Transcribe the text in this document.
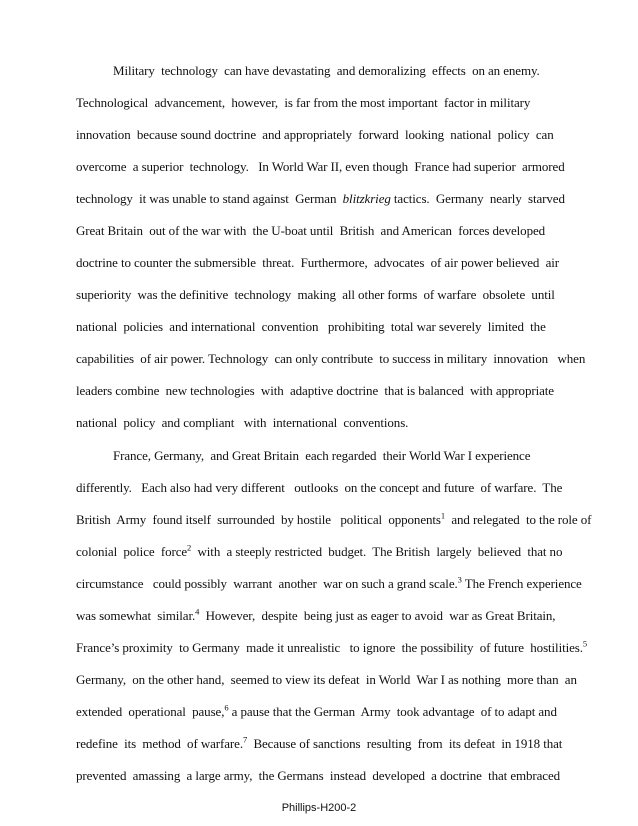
Military  technology  can have devastating  and demoralizing  effects  on an enemy.
Technological  advancement,  however,  is far from the most important  factor in military
innovation  because sound doctrine  and appropriately  forward  looking  national  policy  can
overcome  a superior  technology.   In World War II, even though  France had superior  armored
technology  it was unable to stand against  German  blitzkrieg tactics.  Germany  nearly  starved
Great Britain  out of the war with  the U-boat until  British  and American  forces developed
doctrine to counter the submersible  threat.  Furthermore,  advocates  of air power believed  air
superiority  was the definitive  technology  making  all other forms  of warfare  obsolete  until
national  policies  and international  convention   prohibiting  total war severely  limited  the
capabilities  of air power. Technology  can only contribute  to success in military  innovation   when
leaders combine  new technologies  with  adaptive doctrine  that is balanced  with appropriate
national  policy  and compliant   with  international  conventions.
France, Germany,  and Great Britain  each regarded  their World War I experience
differently.   Each also had very different   outlooks  on the concept and future  of warfare.  The
British  Army  found itself  surrounded  by hostile   political  opponents$^1$  and relegated  to the role of
colonial  police  force$^2$  with  a steeply restricted  budget.  The British  largely  believed  that no
circumstance   could possibly  warrant  another  war on such a grand scale.$^3$ The French experience
was somewhat  similar.$^4$  However,  despite  being just as eager to avoid  war as Great Britain,
France’s proximity  to Germany  made it unrealistic   to ignore  the possibility  of future  hostilities.$^5$
Germany,  on the other hand,  seemed to view its defeat  in World  War I as nothing  more than  an
extended  operational  pause,$^6$ a pause that the German  Army  took advantage  of to adapt and
redefine  its  method  of warfare.$^7$  Because of sanctions  resulting  from  its defeat  in 1918 that
prevented  amassing  a large army,  the Germans  instead  developed  a doctrine  that embraced
Phillips-H200-2
